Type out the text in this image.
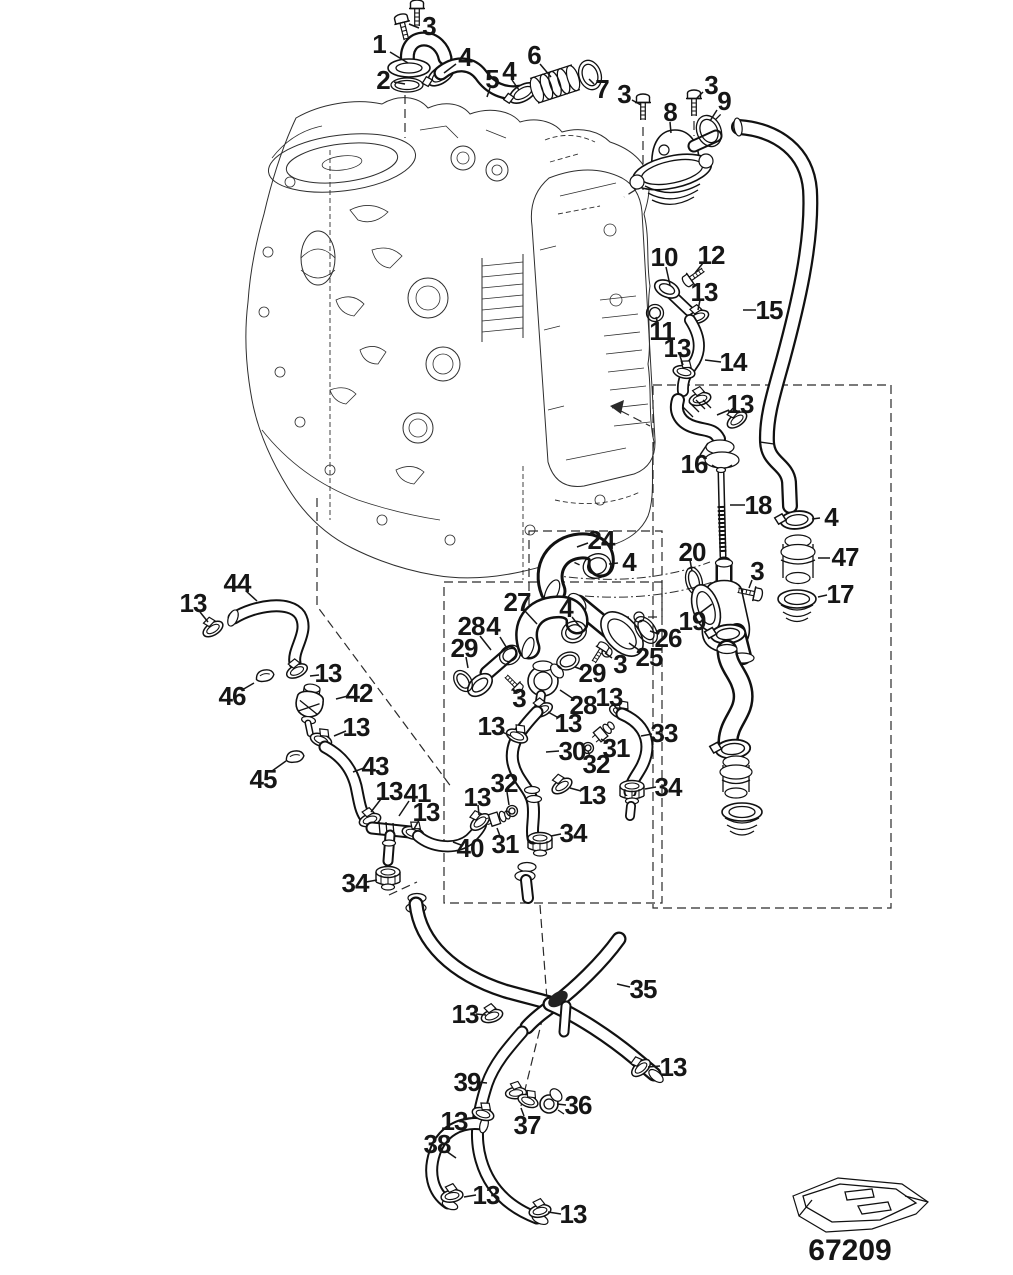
67209
1
2
3
4
5 4
6
7 3	3
8 9
15
10 12
13
11
13 14
13
16
18
20
4
47
3
17
19
24
4
27 4
26
25
3
28 4
29
29
28
3	13
13
13
30
33
31
32
13 34
34
32
13
40 31
13 41
13
34
44
13
46
13
42
13
45	43
35
13
13
39
36
37
13
38
13
13
